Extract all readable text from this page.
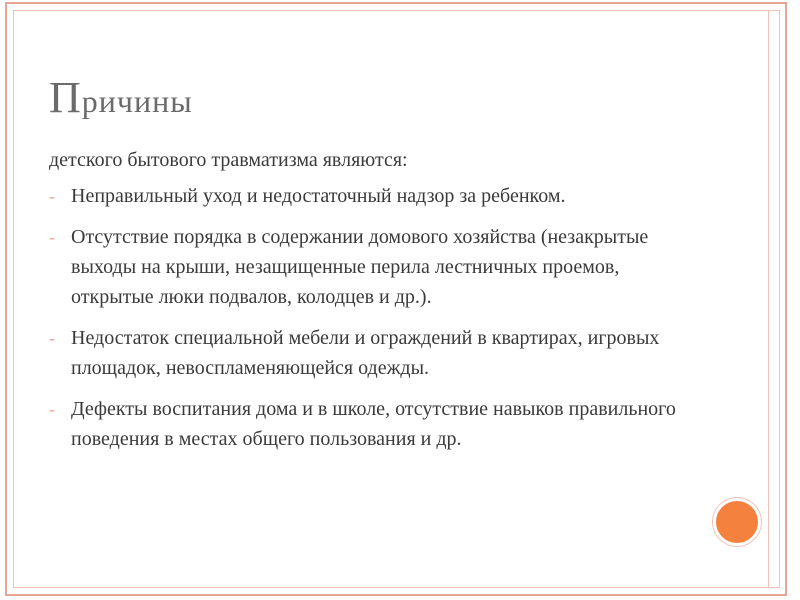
Причины

детского бытового травматизма являются:

- Неправильный уход и недостаточный надзор за ребенком.
- Отсутствие порядка в содержании домового хозяйства (незакрытые выходы на крыши, незащищенные перила лестничных проемов, открытые люки подвалов, колодцев и др.).
- Недостаток специальной мебели и ограждений в квартирах, игровых площадок, невоспламеняющейся одежды.
- Дефекты воспитания дома и в школе, отсутствие навыков правильного поведения в местах общего пользования и др.
